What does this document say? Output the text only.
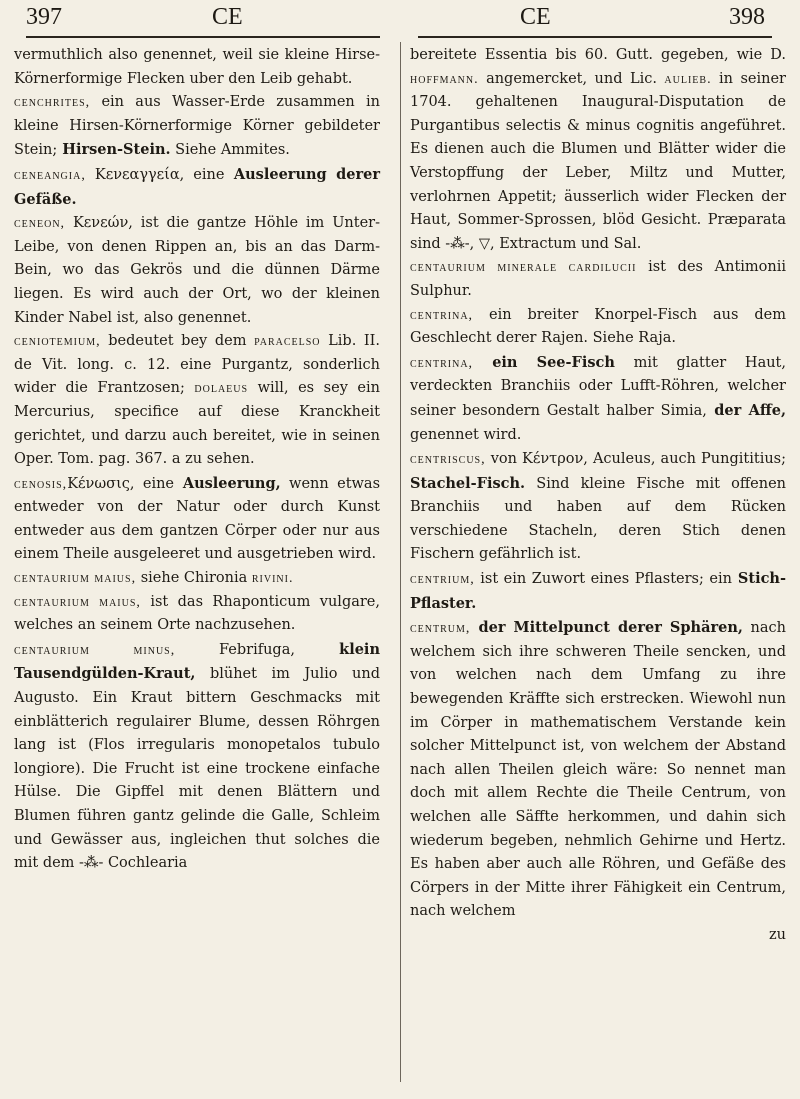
397	CE	CE	398

vermuthlich also genennet, weil sie kleine Hirse-Körnerformige Flecken uber den Leib gehabt.

cenchrites, ein aus Wasser-Erde zusammen in kleine Hirsen-Körnerformige Körner gebildeter Stein; Hirsen-Stein. Siehe Ammites.

ceneangia, Κενεαγγεία, eine Ausleerung derer Gefäße.

ceneon, Κενεών, ist die gantze Höhle im Unter-Leibe, von denen Rippen an, bis an das Darm-Bein, wo das Gekrös und die dünnen Därme liegen. Es wird auch der Ort, wo der kleinen Kinder Nabel ist, also genennet.

ceniotemium, bedeutet bey dem paracelso Lib. II. de Vit. long. c. 12. eine Purgantz, sonderlich wider die Frantzosen; dolaeus will, es sey ein Mercurius, specifice auf diese Kranckheit gerichtet, und darzu auch bereitet, wie in seinen Oper. Tom. pag. 367. a zu sehen.

cenosis,Κένωσις, eine Ausleerung, wenn etwas entweder von der Natur oder durch Kunst entweder aus dem gantzen Cörper oder nur aus einem Theile ausgeleeret und ausgetrieben wird.

centaurium maius, siehe Chironia rivini.

centaurium maius, ist das Rhaponticum vulgare, welches an seinem Orte nachzusehen.

centaurium minus, Febrifuga, klein Tausendgülden-Kraut, blühet im Julio und Augusto. Ein Kraut bittern Geschmacks mit einblätterich regulairer Blume, dessen Röhrgen lang ist (Flos irregularis monopetalos tubulo longiore). Die Frucht ist eine trockene einfache Hülse. Die Gipffel mit denen Blättern und Blumen führen gantz gelinde die Galle, Schleim und Gewässer aus, ingleichen thut solches die mit dem -⁂- Cochlearia

bereitete Essentia bis 60. Gutt. gegeben, wie D. hoffmann. angemercket, und Lic. aulieb. in seiner 1704. gehaltenen Inaugural-Disputation de Purgantibus selectis & minus cognitis angeführet. Es dienen auch die Blumen und Blätter wider die Verstopffung der Leber, Miltz und Mutter, verlohrnen Appetit; äusserlich wider Flecken der Haut, Sommer-Sprossen, blöd Gesicht. Præparata sind -⁂-, ▽, Extractum und Sal.

centaurium minerale cardilucii ist des Antimonii Sulphur.

centrina, ein breiter Knorpel-Fisch aus dem Geschlecht derer Rajen. Siehe Raja.

centrina, ein See-Fisch mit glatter Haut, verdeckten Branchiis oder Lufft-Röhren, welcher seiner besondern Gestalt halber Simia, der Affe, genennet wird.

centriscus, von Κέντρον, Aculeus, auch Pungititius; Stachel-Fisch. Sind kleine Fische mit offenen Branchiis und haben auf dem Rücken verschiedene Stacheln, deren Stich denen Fischern gefährlich ist.

centrium, ist ein Zuwort eines Pflasters; ein Stich-Pflaster.

centrum, der Mittelpunct derer Sphären, nach welchem sich ihre schweren Theile sencken, und von welchen nach dem Umfang zu ihre bewegenden Kräffte sich erstrecken. Wiewohl nun im Cörper in mathematischem Verstande kein solcher Mittelpunct ist, von welchem der Abstand nach allen Theilen gleich wäre: So nennet man doch mit allem Rechte die Theile Centrum, von welchen alle Säffte herkommen, und dahin sich wiederum begeben, nehmlich Gehirne und Hertz. Es haben aber auch alle Röhren, und Gefäße des Cörpers in der Mitte ihrer Fähigkeit ein Centrum, nach welchem

zu
